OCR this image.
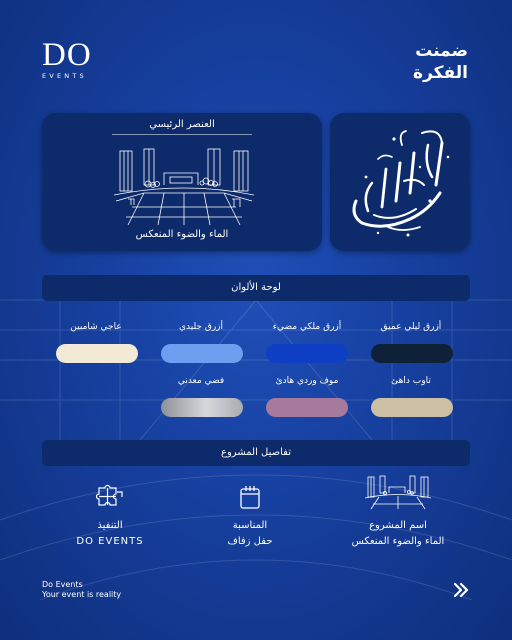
DO
EVENTS
ضمنت
الفكرة
العنصر الرئيسي
الماء والضوء المنعكس
لوحة الألوان
أزرق ليلي عميق
أزرق ملكي مضيء
أزرق جليدي
عاجي شامبين
تاوب داهئ
موف وردي هادئ
فضي معدني
تفاصيل المشروع
اسم المشروع
الماء والضوء المنعكس
المناسبة
حفل زفاف
التنفيذ
DO EVENTS
Do Events
Your event is reality
